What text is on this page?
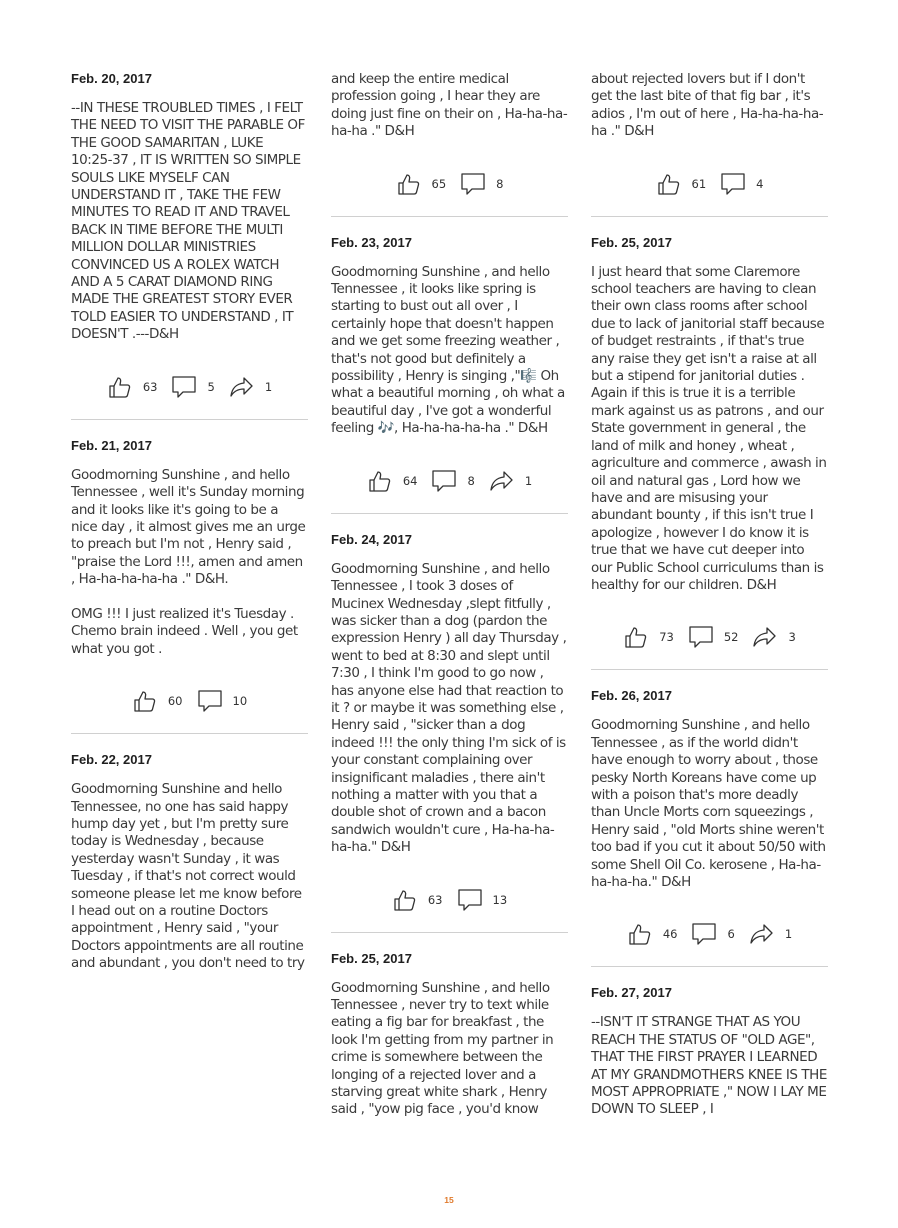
Feb. 20, 2017
--IN THESE TROUBLED TIMES , I FELT THE NEED TO VISIT THE PARABLE OF THE GOOD SAMARITAN , LUKE 10:25-37 , IT IS WRITTEN SO SIMPLE SOULS LIKE MYSELF CAN UNDERSTAND IT , TAKE THE FEW MINUTES TO READ IT AND TRAVEL BACK IN TIME BEFORE THE MULTI MILLION DOLLAR MINISTRIES CONVINCED US A ROLEX WATCH AND A 5 CARAT DIAMOND RING MADE THE GREATEST STORY EVER TOLD EASIER TO UNDERSTAND , IT DOESN'T .---D&H
63	5	1
Feb. 21, 2017
Goodmorning Sunshine , and hello Tennessee , well it's Sunday morning and it looks like it's going to be a nice day , it almost gives me an urge to preach but I'm not , Henry said , "praise the Lord !!!, amen and amen , Ha-ha-ha-ha-ha ." D&H.

OMG !!! I just realized it's Tuesday . Chemo brain indeed . Well , you get what you got .
60	10
Feb. 22, 2017
Goodmorning Sunshine and hello Tennessee, no one has said happy hump day yet , but I'm pretty sure today is Wednesday , because yesterday wasn't Sunday , it was Tuesday , if that's not correct would someone please let me know before I head out on a routine Doctors appointment , Henry said , "your Doctors appointments are all routine and abundant , you don't need to try
and keep the entire medical profession going , I hear they are doing just fine on their on , Ha-ha-ha-ha-ha ." D&H
65	8
Feb. 23, 2017
Goodmorning Sunshine , and hello Tennessee , it looks like spring is starting to bust out all over , I certainly hope that doesn't happen and we get some freezing weather , that's not good but definitely a possibility , Henry is singing ,"🎼 Oh what a beautiful morning , oh what a beautiful day , I've got a wonderful feeling 🎶, Ha-ha-ha-ha-ha ." D&H
64	8	1
Feb. 24, 2017
Goodmorning Sunshine , and hello Tennessee , I took 3 doses of Mucinex Wednesday ,slept fitfully , was sicker than a dog (pardon the expression Henry ) all day Thursday , went to bed at 8:30 and slept until 7:30 , I think I'm good to go now , has anyone else had that reaction to it ? or maybe it was something else , Henry said , "sicker than a dog indeed !!! the only thing I'm sick of is your constant complaining over insignificant maladies , there ain't nothing a matter with you that a double shot of crown and a bacon sandwich wouldn't cure , Ha-ha-ha-ha-ha." D&H
63	13
Feb. 25, 2017
Goodmorning Sunshine , and hello Tennessee , never try to text while eating a fig bar for breakfast , the look I'm getting from my partner in crime is somewhere between the longing of a rejected lover and a starving great white shark , Henry said , "yow pig face , you'd know
about rejected lovers but if I don't get the last bite of that fig bar , it's adios , I'm out of here , Ha-ha-ha-ha-ha ." D&H
61	4
Feb. 25, 2017
I just heard that some Claremore school teachers are having to clean their own class rooms after school due to lack of janitorial staff because of budget restraints , if that's true any raise they get isn't a raise at all but a stipend for janitorial duties . Again if this is true it is a terrible mark against us as patrons , and our State government in general , the land of milk and honey , wheat , agriculture and commerce , awash in oil and natural gas , Lord how we have and are misusing your abundant bounty , if this isn't true I apologize , however I do know it is true that we have cut deeper into our Public School curriculums than is healthy for our children. D&H
73	52	3
Feb. 26, 2017
Goodmorning Sunshine , and hello Tennessee , as if the world didn't have enough to worry about , those pesky North Koreans have come up with a poison that's more deadly than Uncle Morts corn squeezings , Henry said , "old Morts shine weren't too bad if you cut it about 50/50 with some Shell Oil Co. kerosene , Ha-ha-ha-ha-ha." D&H
46	6	1
Feb. 27, 2017
--ISN'T IT STRANGE THAT AS YOU REACH THE STATUS OF "OLD AGE", THAT THE FIRST PRAYER I LEARNED AT MY GRANDMOTHERS KNEE IS THE MOST APPROPRIATE ," NOW I LAY ME DOWN TO SLEEP , I
15
